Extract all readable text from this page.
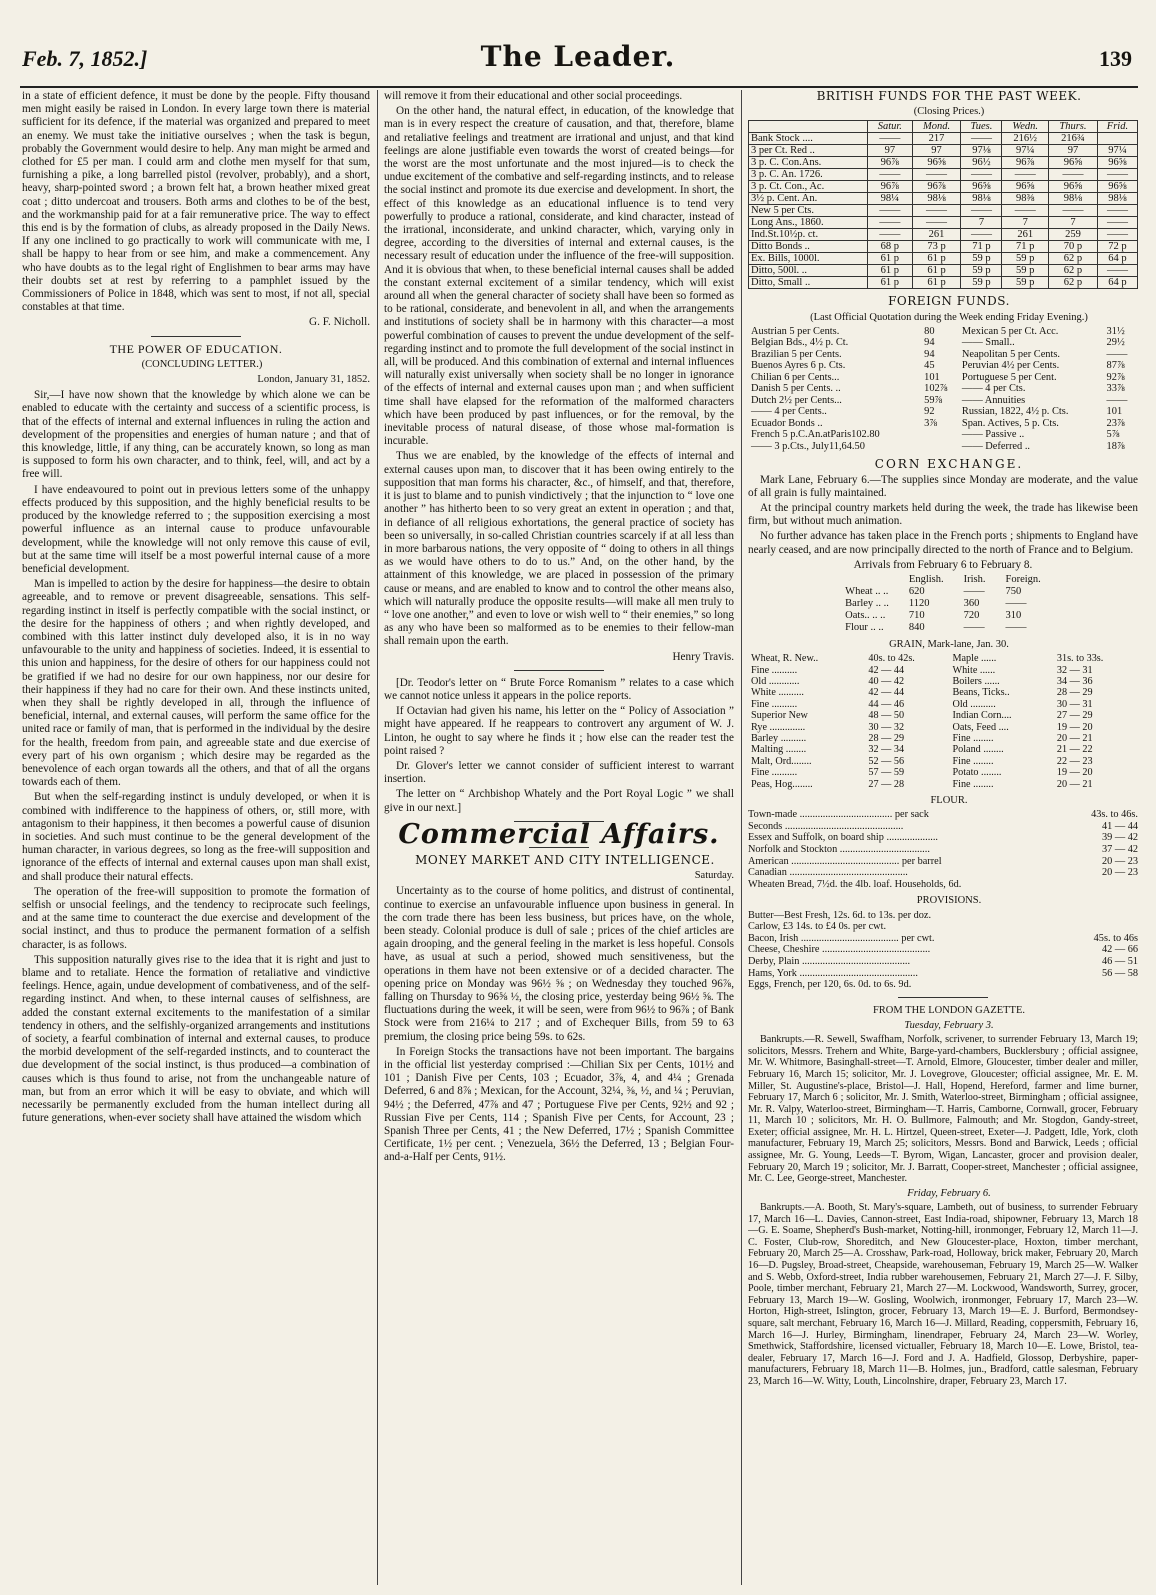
Feb. 7, 1852.]	The Leader.	139

in a state of efficient defence, it must be done by the people. Fifty thousand men might easily be raised in London. In every large town there is material sufficient for its defence, if the material was organized and prepared to meet an enemy. We must take the initiative ourselves ; when the task is begun, probably the Government would desire to help. Any man might be armed and clothed for £5 per man. I could arm and clothe men myself for that sum, furnishing a pike, a long barrelled pistol (revolver, probably), and a short, heavy, sharp-pointed sword ; a brown felt hat, a brown heather mixed great coat ; ditto undercoat and trousers. Both arms and clothes to be of the best, and the workmanship paid for at a fair remunerative price. The way to effect this end is by the formation of clubs, as already proposed in the Daily News. If any one inclined to go practically to work will communicate with me, I shall be happy to hear from or see him, and make a commencement. Any who have doubts as to the legal right of Englishmen to bear arms may have their doubts set at rest by referring to a pamphlet issued by the Commissioners of Police in 1848, which was sent to most, if not all, special constables at that time.

G. F. Nicholl.

THE POWER OF EDUCATION.

(CONCLUDING LETTER.)

London, January 31, 1852.

Sir,—I have now shown that the knowledge by which alone we can be enabled to educate with the certainty and success of a scientific process, is that of the effects of internal and external influences in ruling the action and development of the propensities and energies of human nature ; and that of this knowledge, little, if any thing, can be accurately known, so long as man is supposed to form his own character, and to think, feel, will, and act by a free will.

I have endeavoured to point out in previous letters some of the unhappy effects produced by this supposition, and the highly beneficial results to be produced by the knowledge referred to ; the supposition exercising a most powerful influence as an internal cause to produce unfavourable development, while the knowledge will not only remove this cause of evil, but at the same time will itself be a most powerful internal cause of a more beneficial development.

Man is impelled to action by the desire for happiness—the desire to obtain agreeable, and to remove or prevent disagreeable, sensations. This self-regarding instinct in itself is perfectly compatible with the social instinct, or the desire for the happiness of others ; and when rightly developed, and combined with this latter instinct duly developed also, it is in no way unfavourable to the unity and happiness of societies. Indeed, it is essential to this union and happiness, for the desire of others for our happiness could not be gratified if we had no desire for our own happiness, nor our desire for their happiness if they had no care for their own. And these instincts united, when they shall be rightly developed in all, through the influence of beneficial, internal, and external causes, will perform the same office for the united race or family of man, that is performed in the individual by the desire for the health, freedom from pain, and agreeable state and due exercise of every part of his own organism ; which desire may be regarded as the benevolence of each organ towards all the others, and that of all the organs towards each of them.

But when the self-regarding instinct is unduly developed, or when it is combined with indifference to the happiness of others, or, still more, with antagonism to their happiness, it then becomes a powerful cause of disunion in societies. And such must continue to be the general development of the human character, in various degrees, so long as the free-will supposition and ignorance of the effects of internal and external causes upon man shall exist, and shall produce their natural effects.

The operation of the free-will supposition to promote the formation of selfish or unsocial feelings, and the tendency to reciprocate such feelings, and at the same time to counteract the due exercise and development of the social instinct, and thus to produce the permanent formation of a selfish character, is as follows.

This supposition naturally gives rise to the idea that it is right and just to blame and to retaliate. Hence the formation of retaliative and vindictive feelings. Hence, again, undue development of combativeness, and of the self-regarding instinct. And when, to these internal causes of selfishness, are added the constant external excitements to the manifestation of a similar tendency in others, and the selfishly-organized arrangements and institutions of society, a fearful combination of internal and external causes, to produce the morbid development of the self-regarded instincts, and to counteract the due development of the social instinct, is thus produced—a combination of causes which is thus found to arise, not from the unchangeable nature of man, but from an error which it will be easy to obviate, and which will necessarily be permanently excluded from the human intellect during all future generations, when-ever society shall have attained the wisdom which

will remove it from their educational and other social proceedings.

On the other hand, the natural effect, in education, of the knowledge that man is in every respect the creature of causation, and that, therefore, blame and retaliative feelings and treatment are irrational and unjust, and that kind feelings are alone justifiable even towards the worst of created beings—for the worst are the most unfortunate and the most injured—is to check the undue excitement of the combative and self-regarding instincts, and to release the social instinct and promote its due exercise and development. In short, the effect of this knowledge as an educational influence is to tend very powerfully to produce a rational, considerate, and kind character, instead of the irrational, inconsiderate, and unkind character, which, varying only in degree, according to the diversities of internal and external causes, is the necessary result of education under the influence of the free-will supposition. And it is obvious that when, to these beneficial internal causes shall be added the constant external excitement of a similar tendency, which will exist around all when the general character of society shall have been so formed as to be rational, considerate, and benevolent in all, and when the arrangements and institutions of society shall be in harmony with this character—a most powerful combination of causes to prevent the undue development of the self-regarding instinct and to promote the full development of the social instinct in all, will be produced. And this combination of external and internal influences will naturally exist universally when society shall be no longer in ignorance of the effects of internal and external causes upon man ; and when sufficient time shall have elapsed for the reformation of the malformed characters which have been produced by past influences, or for the removal, by the inevitable process of natural disease, of those whose mal-formation is incurable.

Thus we are enabled, by the knowledge of the effects of internal and external causes upon man, to discover that it has been owing entirely to the supposition that man forms his character, &c., of himself, and that, therefore, it is just to blame and to punish vindictively ; that the injunction to “ love one another ” has hitherto been to so very great an extent in operation ; and that, in defiance of all religious exhortations, the general practice of society has been so universally, in so-called Christian countries scarcely if at all less than in more barbarous nations, the very opposite of “ doing to others in all things as we would have others to do to us.” And, on the other hand, by the attainment of this knowledge, we are placed in possession of the primary cause or means, and are enabled to know and to control the other means also, which will naturally produce the opposite results—will make all men truly to “ love one another,” and even to love or wish well to “ their enemies,” so long as any who have been so malformed as to be enemies to their fellow-man shall remain upon the earth.

Henry Travis.

[Dr. Teodor's letter on “ Brute Force Romanism ” relates to a case which we cannot notice unless it appears in the police reports.

If Octavian had given his name, his letter on the “ Policy of Association ” might have appeared. If he reappears to controvert any argument of W. J. Linton, he ought to say where he finds it ; how else can the reader test the point raised ?

Dr. Glover's letter we cannot consider of sufficient interest to warrant insertion.

The letter on “ Archbishop Whately and the Port Royal Logic ” we shall give in our next.]

Commercial Affairs.

MONEY MARKET AND CITY INTELLIGENCE.

Saturday.

Uncertainty as to the course of home politics, and distrust of continental, continue to exercise an unfavourable influence upon business in general. In the corn trade there has been less business, but prices have, on the whole, been steady. Colonial produce is dull of sale ; prices of the chief articles are again drooping, and the general feeling in the market is less hopeful. Consols have, as usual at such a period, showed much sensitiveness, but the operations in them have not been extensive or of a decided character. The opening price on Monday was 96½ ⅝ ; on Wednesday they touched 96⅞, falling on Thursday to 96⅝ ½, the closing price, yesterday being 96½ ⅝. The fluctuations during the week, it will be seen, were from 96½ to 96⅞ ; of Bank Stock were from 216¼ to 217 ; and of Exchequer Bills, from 59 to 63 premium, the closing price being 59s. to 62s.

In Foreign Stocks the transactions have not been important. The bargains in the official list yesterday comprised :—Chilian Six per Cents, 101½ and 101 ; Danish Five per Cents, 103 ; Ecuador, 3⅞, 4, and 4¼ ; Grenada Deferred, 6 and 8⅞ ; Mexican, for the Account, 32¼, ⅜, ½, and ¼ ; Peruvian, 94½ ; the Deferred, 47⅞ and 47 ; Portuguese Five per Cents, 92½ and 92 ; Russian Five per Cents, 114 ; Spanish Five per Cents, for Account, 23 ; Spanish Three per Cents, 41 ; the New Deferred, 17½ ; Spanish Committee Certificate, 1½ per cent. ; Venezuela, 36½ the Deferred, 13 ; Belgian Four-and-a-Half per Cents, 91½.

BRITISH FUNDS FOR THE PAST WEEK.

(Closing Prices.)

	Satur.	Mond.	Tues.	Wedn.	Thurs.	Frid.
Bank Stock ....	——	217	——	216½	216¾	
3 per Ct. Red ..	97	97	97⅛	97¼	97	97¼
3 p. C. Con.Ans.	96⅞	96⅝	96½	96⅞	96⅝	96⅝
3 p. C. An. 1726.	——	——	——	——	——	——
3 p. Ct. Con., Ac.	96⅞	96⅞	96⅝	96⅝	96⅝	96⅝
3½ p. Cent. An.	98¼	98⅛	98⅛	98⅜	98⅛	98⅛
New 5 per Cts.	——	——	——	——	——	——
Long Ans., 1860.	——	——	7	7	7	——
Ind.St.10½p. ct.	——	261	——	261	259	——
Ditto Bonds ..	68 p	73 p	71 p	71 p	70 p	72 p
Ex. Bills, 1000l.	61 p	61 p	59 p	59 p	62 p	64 p
Ditto, 500l. ..	61 p	61 p	59 p	59 p	62 p	——
Ditto, Small ..	61 p	61 p	59 p	59 p	62 p	64 p

FOREIGN FUNDS.

(Last Official Quotation during the Week ending Friday Evening.)

Austrian 5 per Cents.	80	Mexican 5 per Ct. Acc.	31½
Belgian Bds., 4½ p. Ct.	94	—— Small..	29½
Brazilian 5 per Cents.	94	Neapolitan 5 per Cents.	——
Buenos Ayres 6 p. Cts.	45	Peruvian 4½ per Cents.	87⅞
Chilian 6 per Cents...	101	Portuguese 5 per Cent.	92⅞
Danish 5 per Cents. ..	102⅞	—— 4 per Cts.	33⅞
Dutch 2½ per Cents...	59⅞	—— Annuities	——
—— 4 per Cents..	92	Russian, 1822, 4½ p. Cts.	101
Ecuador Bonds ..	3⅞	Span. Actives, 5 p. Cts.	23⅞
French 5 p.C.An.atParis102.80		—— Passive ..	5⅞
—— 3 p.Cts., July11,64.50		—— Deferred ..	18⅞

CORN EXCHANGE.

Mark Lane, February 6.—The supplies since Monday are moderate, and the value of all grain is fully maintained.

At the principal country markets held during the week, the trade has likewise been firm, but without much animation.

No further advance has taken place in the French ports ; shipments to England have nearly ceased, and are now principally directed to the north of France and to Belgium.

Arrivals from February 6 to February 8.

	English.	Irish.	Foreign.
Wheat .. ..	620	——	750
Barley .. ..	1120	360	——
Oats.. .. ..	710	720	310
Flour .. ..	840	——	——

GRAIN, Mark-lane, Jan. 30.

Wheat, R. New..	40s. to 42s.	Maple ......	31s. to 33s.
Fine ..........	42 — 44	White ......	32 — 31
Old ............	40 — 42	Boilers ......	34 — 36
White ..........	42 — 44	Beans, Ticks..	28 — 29
Fine ..........	44 — 46	Old ..........	30 — 31
Superior New	48 — 50	Indian Corn....	27 — 29
Rye ..............	30 — 32	Oats, Feed ....	19 — 20
Barley ..........	28 — 29	Fine ........	20 — 21
Malting ........	32 — 34	Poland ........	21 — 22
Malt, Ord........	52 — 56	Fine ........	22 — 23
Fine ..........	57 — 59	Potato ........	19 — 20
Peas, Hog........	27 — 28	Fine ........	20 — 21

FLOUR.

Town-made .................................... per sack	43s. to 46s.
Seconds ..............................................	41 — 44
Essex and Suffolk, on board ship ....................	39 — 42
Norfolk and Stockton ...................................	37 — 42
American .......................................... per barrel	20 — 23
Canadian ..............................................	20 — 23
Wheaten Bread, 7½d. the 4lb. loaf. Households, 6d.

PROVISIONS.

Butter—Best Fresh, 12s. 6d. to 13s. per doz.
Carlow, £3 14s. to £4 0s. per cwt.
Bacon, Irish ...................................... per cwt.	45s. to 46s
Cheese, Cheshire ..........................................	42 — 66
Derby, Plain ..........................................	46 — 51
Hams, York ..............................................	56 — 58
Eggs, French, per 120, 6s. 0d. to 6s. 9d.

FROM THE LONDON GAZETTE.

Tuesday, February 3.

Bankrupts.—R. Sewell, Swaffham, Norfolk, scrivener, to surrender February 13, March 19; solicitors, Messrs. Trehern and White, Barge-yard-chambers, Bucklersbury ; official assignee, Mr. W. Whitmore, Basinghall-street—T. Arnold, Elmore, Gloucester, timber dealer and miller, February 16, March 15; solicitor, Mr. J. Lovegrove, Gloucester; official assignee, Mr. E. M. Miller, St. Augustine's-place, Bristol—J. Hall, Hopend, Hereford, farmer and lime burner, February 17, March 6 ; solicitor, Mr. J. Smith, Waterloo-street, Birmingham ; official assignee, Mr. R. Valpy, Waterloo-street, Birmingham—T. Harris, Camborne, Cornwall, grocer, February 11, March 10 ; solicitors, Mr. H. O. Bullmore, Falmouth; and Mr. Stogdon, Gandy-street, Exeter; official assignee, Mr. H. L. Hirtzel, Queen-street, Exeter—J. Padgett, Idle, York, cloth manufacturer, February 19, March 25; solicitors, Messrs. Bond and Barwick, Leeds ; official assignee, Mr. G. Young, Leeds—T. Byrom, Wigan, Lancaster, grocer and provision dealer, February 20, March 19 ; solicitor, Mr. J. Barratt, Cooper-street, Manchester ; official assignee, Mr. C. Lee, George-street, Manchester.

Friday, February 6.

Bankrupts.—A. Booth, St. Mary's-square, Lambeth, out of business, to surrender February 17, March 16—L. Davies, Cannon-street, East India-road, shipowner, February 13, March 18—G. E. Soame, Shepherd's Bush-market, Notting-hill, ironmonger, February 12, March 11—J. C. Foster, Club-row, Shoreditch, and New Gloucester-place, Hoxton, timber merchant, February 20, March 25—A. Crosshaw, Park-road, Holloway, brick maker, February 20, March 16—D. Pugsley, Broad-street, Cheapside, warehouseman, February 19, March 25—W. Walker and S. Webb, Oxford-street, India rubber warehousemen, February 21, March 27—J. F. Silby, Poole, timber merchant, February 21, March 27—M. Lockwood, Wandsworth, Surrey, grocer, February 13, March 19—W. Gosling, Woolwich, ironmonger, February 17, March 23—W. Horton, High-street, Islington, grocer, February 13, March 19—E. J. Burford, Bermondsey-square, salt merchant, February 16, March 16—J. Millard, Reading, coppersmith, February 16, March 16—J. Hurley, Birmingham, linendraper, February 24, March 23—W. Worley, Smethwick, Staffordshire, licensed victualler, February 18, March 10—E. Lowe, Bristol, tea-dealer, February 17, March 16—J. Ford and J. A. Hadfield, Glossop, Derbyshire, paper-manufacturers, February 18, March 11—B. Holmes, jun., Bradford, cattle salesman, February 23, March 16—W. Witty, Louth, Lincolnshire, draper, February 23, March 17.
